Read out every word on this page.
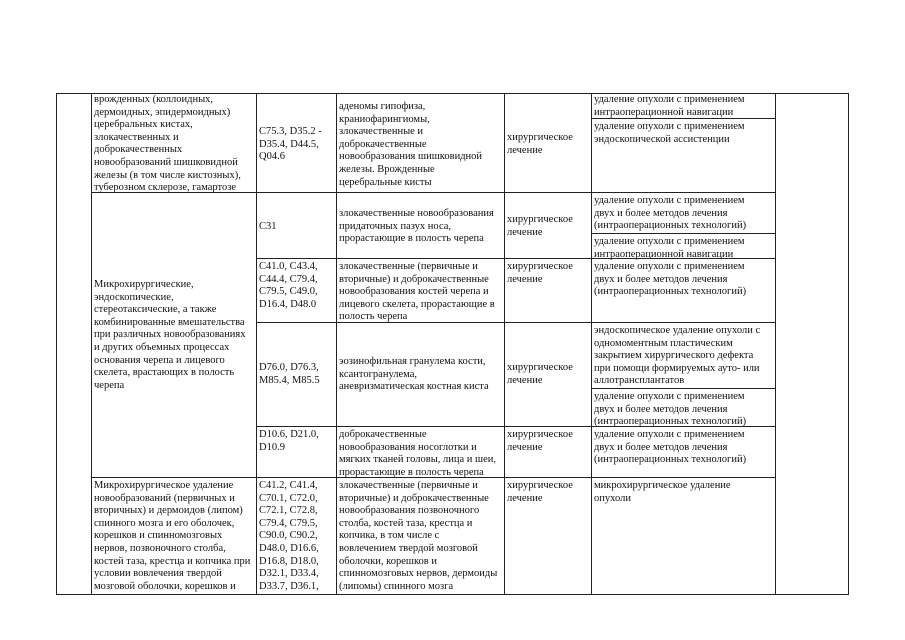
врожденных (коллоидных,
дермоидных, эпидермоидных)
церебральных кистах,
злокачественных и
доброкачественных
новообразований шишковидной
железы (в том числе кистозных),
туберозном склерозе, гамартозе
C75.3, D35.2 -
D35.4, D44.5,
Q04.6
аденомы гипофиза,
краниофарингиомы,
злокачественные и
доброкачественные
новообразования шишковидной
железы. Врожденные
церебральные кисты
хирургическое
лечение
удаление опухоли с применением
интраоперационной навигации
удаление опухоли с применением
эндоскопической ассистенции
Микрохирургические,
эндоскопические,
стереотаксические, а также
комбинированные вмешательства
при различных новообразованиях
и других объемных процессах
основания черепа и лицевого
скелета, врастающих в полость
черепа
C31
злокачественные новообразования
придаточных пазух носа,
прорастающие в полость черепа
хирургическое
лечение
удаление опухоли с применением
двух и более методов лечения
(интраоперационных технологий)
удаление опухоли с применением
интраоперационной навигации
C41.0, C43.4,
C44.4, C79.4,
C79.5, C49.0,
D16.4, D48.0
злокачественные (первичные и
вторичные) и доброкачественные
новообразования костей черепа и
лицевого скелета, прорастающие в
полость черепа
хирургическое
лечение
удаление опухоли с применением
двух и более методов лечения
(интраоперационных технологий)
D76.0, D76.3,
M85.4, M85.5
эозинофильная гранулема кости,
ксантогранулема,
аневризматическая костная киста
хирургическое
лечение
эндоскопическое удаление опухоли с
одномоментным пластическим
закрытием хирургического дефекта
при помощи формируемых ауто- или
аллотрансплантатов
удаление опухоли с применением
двух и более методов лечения
(интраоперационных технологий)
D10.6, D21.0,
D10.9
доброкачественные
новообразования носоглотки и
мягких тканей головы, лица и шеи,
прорастающие в полость черепа
хирургическое
лечение
удаление опухоли с применением
двух и более методов лечения
(интраоперационных технологий)
Микрохирургическое удаление
новообразований (первичных и
вторичных) и дермоидов (липом)
спинного мозга и его оболочек,
корешков и спинномозговых
нервов, позвоночного столба,
костей таза, крестца и копчика при
условии вовлечения твердой
мозговой оболочки, корешков и
C41.2, C41.4,
C70.1, C72.0,
C72.1, C72.8,
C79.4, C79.5,
C90.0, C90.2,
D48.0, D16.6,
D16.8, D18.0,
D32.1, D33.4,
D33.7, D36.1,
злокачественные (первичные и
вторичные) и доброкачественные
новообразования позвоночного
столба, костей таза, крестца и
копчика, в том числе с
вовлечением твердой мозговой
оболочки, корешков и
спинномозговых нервов, дермоиды
(липомы) спинного мозга
хирургическое
лечение
микрохирургическое удаление
опухоли
